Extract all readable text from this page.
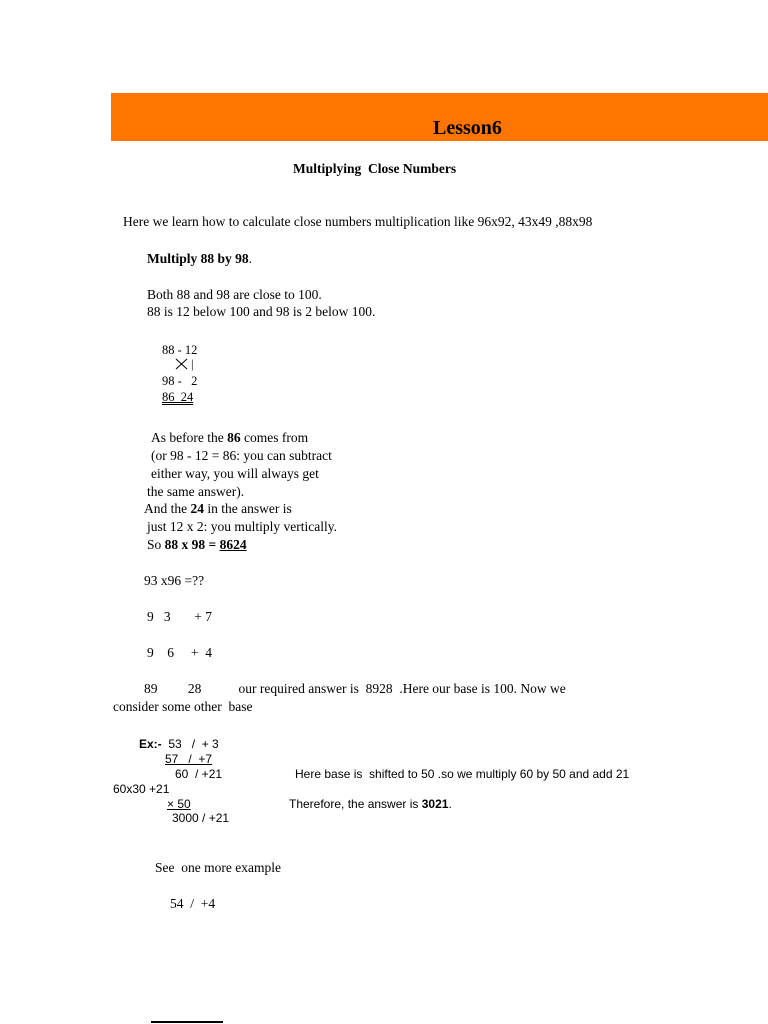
Lesson6
Multiplying  Close Numbers
Here we learn how to calculate close numbers multiplication like 96x92, 43x49 ,88x98
Multiply 88 by 98.
Both 88 and 98 are close to 100.
88 is 12 below 100 and 98 is 2 below 100.
88 - 12
|
98 -   2
86  24
As before the 86 comes from
(or 98 - 12 = 86: you can subtract
either way, you will always get
the same answer).
And the 24 in the answer is
just 12 x 2: you multiply vertically.
So 88 x 98 = 8624
93 x96 =??
9   3       + 7
9    6     +  4
89         28           our required answer is  8928  .Here our base is 100. Now we
consider some other  base
Ex:-  53   /  + 3
57   /  +7
60  / +21	Here base is  shifted to 50 .so we multiply 60 by 50 and add 21
60x30 +21
× 50	Therefore, the answer is 3021.
3000 / +21
See  one more example
54  /  +4
